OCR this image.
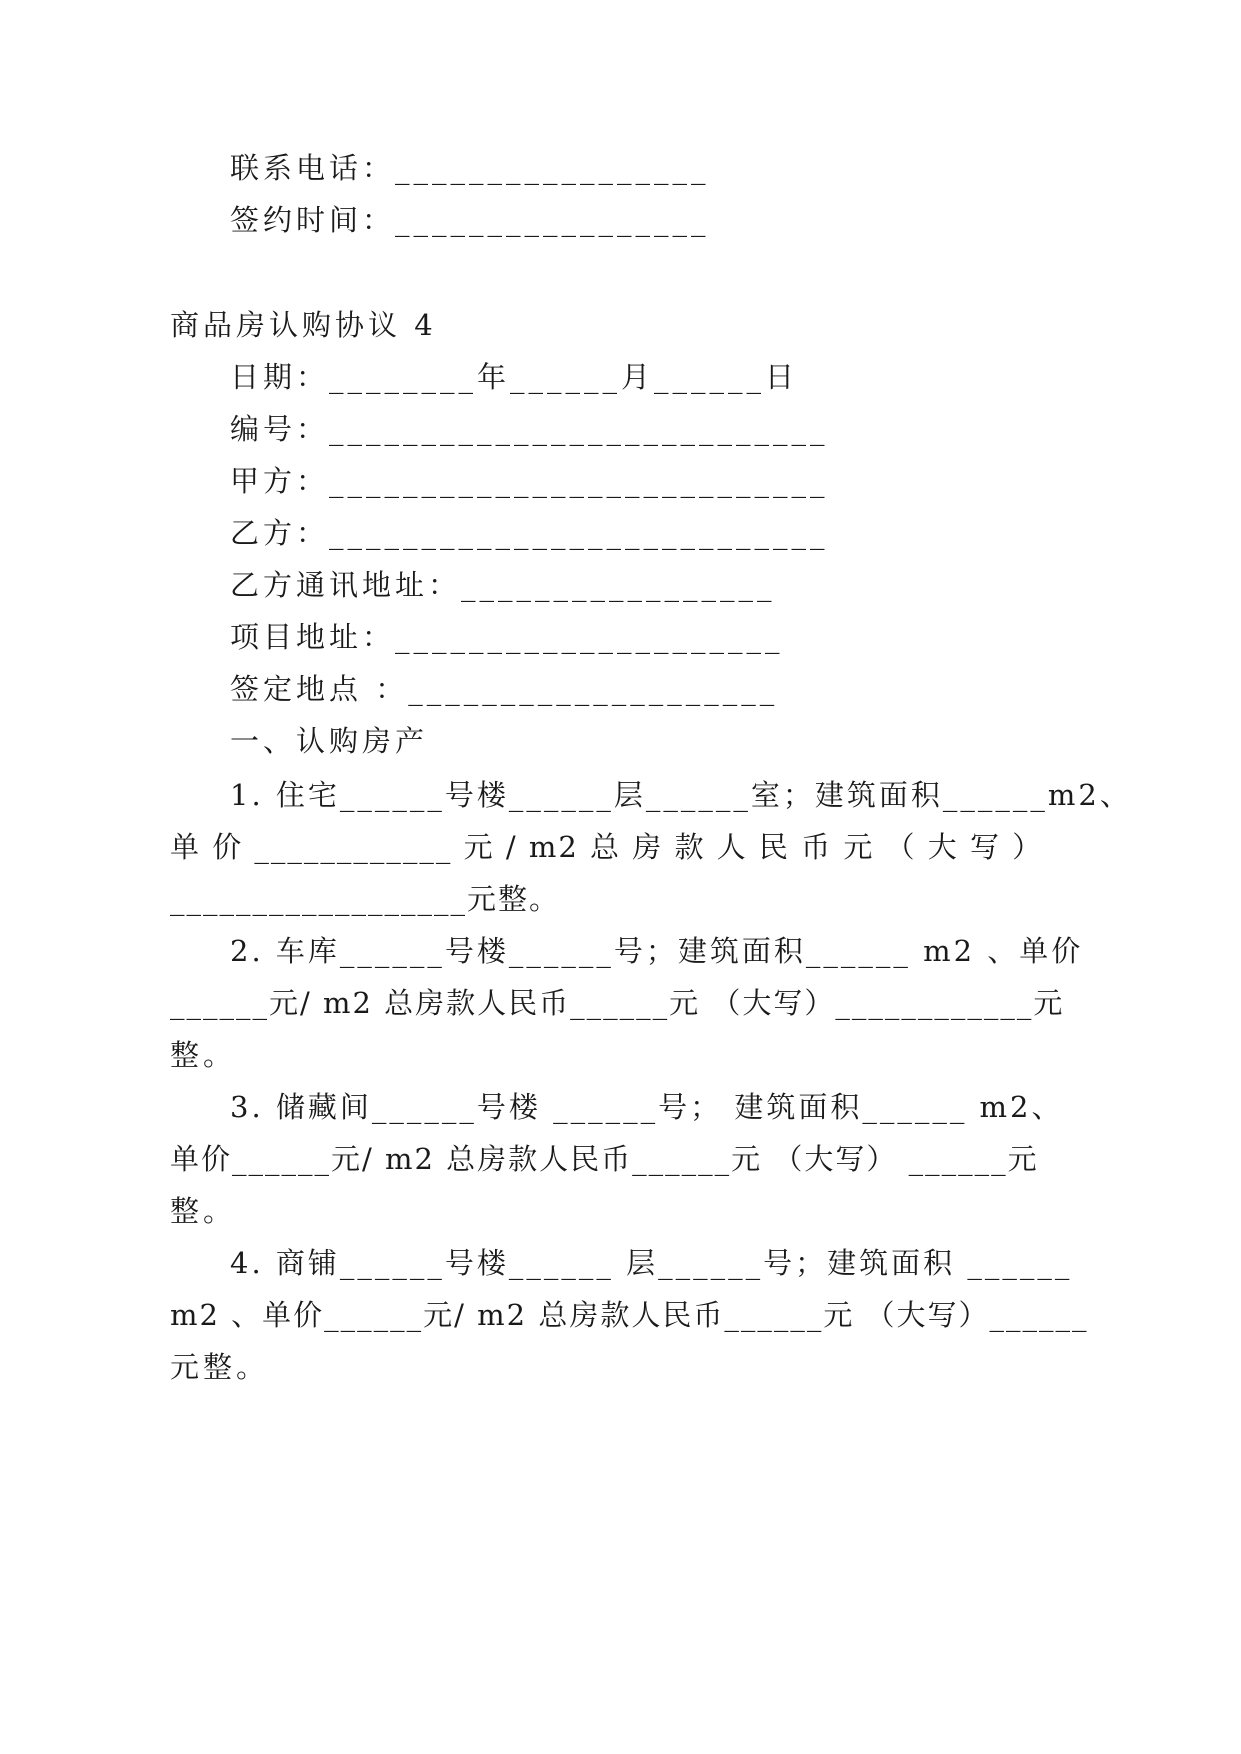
联系电话：_________________
签约时间：_________________
商品房认购协议 4
日期：________年______月______日
编号：___________________________
甲方：___________________________
乙方：___________________________
乙方通讯地址：_________________
项目地址：_____________________
签定地点 ：____________________
一、认购房产
1. 住宅______号楼______层______室；建筑面积______m2、
单 价 ____________ 元 / m2 总 房 款 人 民 币 元 （ 大 写 ）
__________________元整。
2. 车库______号楼______号；建筑面积______ m2 、单价
______元/ m2 总房款人民币______元 （大写）____________元
整。
3. 储藏间______号楼 ______号； 建筑面积______ m2、
单价______元/ m2 总房款人民币______元 （大写） ______元
整。
4. 商铺______号楼______ 层______号；建筑面积 ______
m2 、单价______元/ m2 总房款人民币______元 （大写）______
元整。
